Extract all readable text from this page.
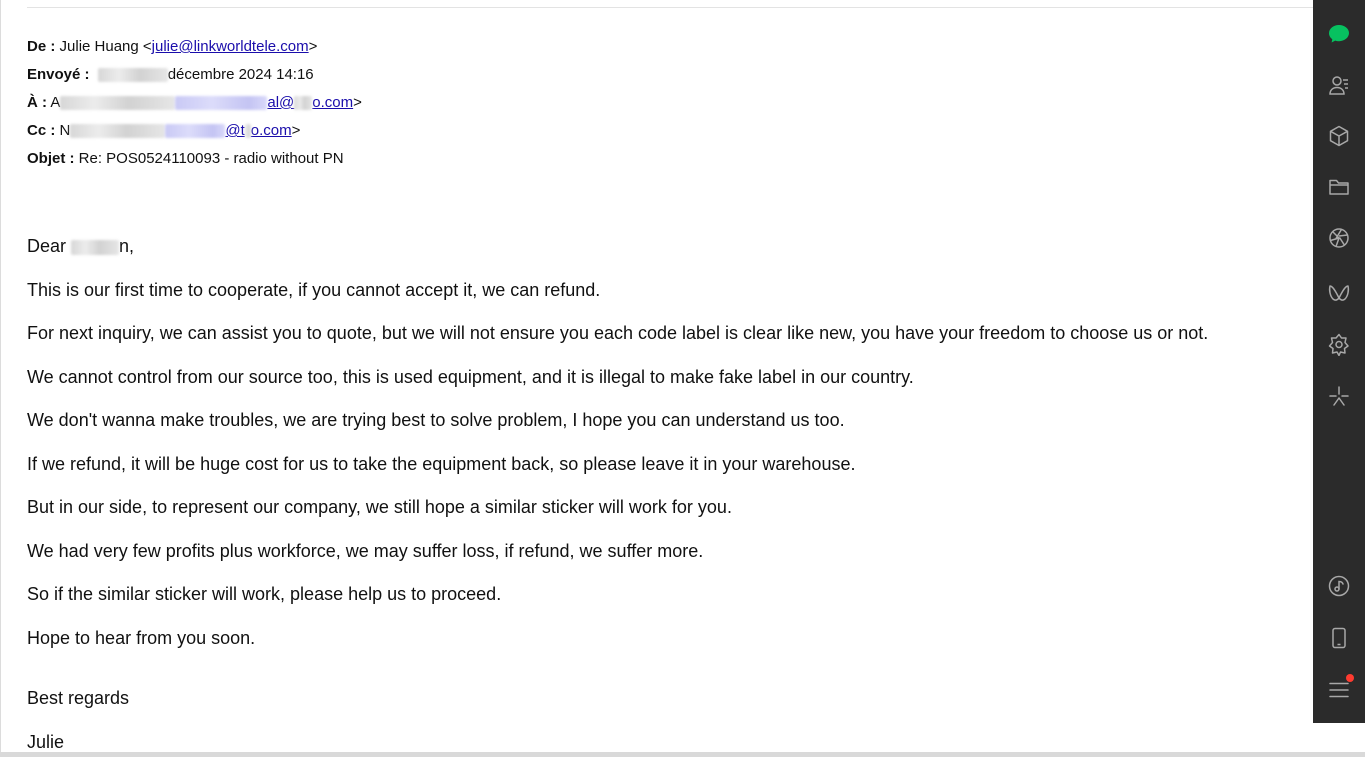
De : Julie Huang <julie@linkworldtele.com>
Envoyé :	décembre 2024 14:16
À : A	al@ o.com>
Cc : N	@t o.com>
Objet : Re: POS0524110093 - radio without PN
Dear	n,
This is our first time to cooperate, if you cannot accept it, we can refund.
For next inquiry, we can assist you to quote, but we will not ensure you each code label is clear like new, you have your freedom to choose us or not.
We cannot control from our source too, this is used equipment, and it is illegal to make fake label in our country.
We don't wanna make troubles, we are trying best to solve problem, I hope you can understand us too.
If we refund, it will be huge cost for us to take the equipment back, so please leave it in your warehouse.
But in our side, to represent our company, we still hope a similar sticker will work for you.
We had very few profits plus workforce, we may suffer loss, if refund, we suffer more.
So if the similar sticker will work, please help us to proceed.
Hope to hear from you soon.
Best regards
Julie
